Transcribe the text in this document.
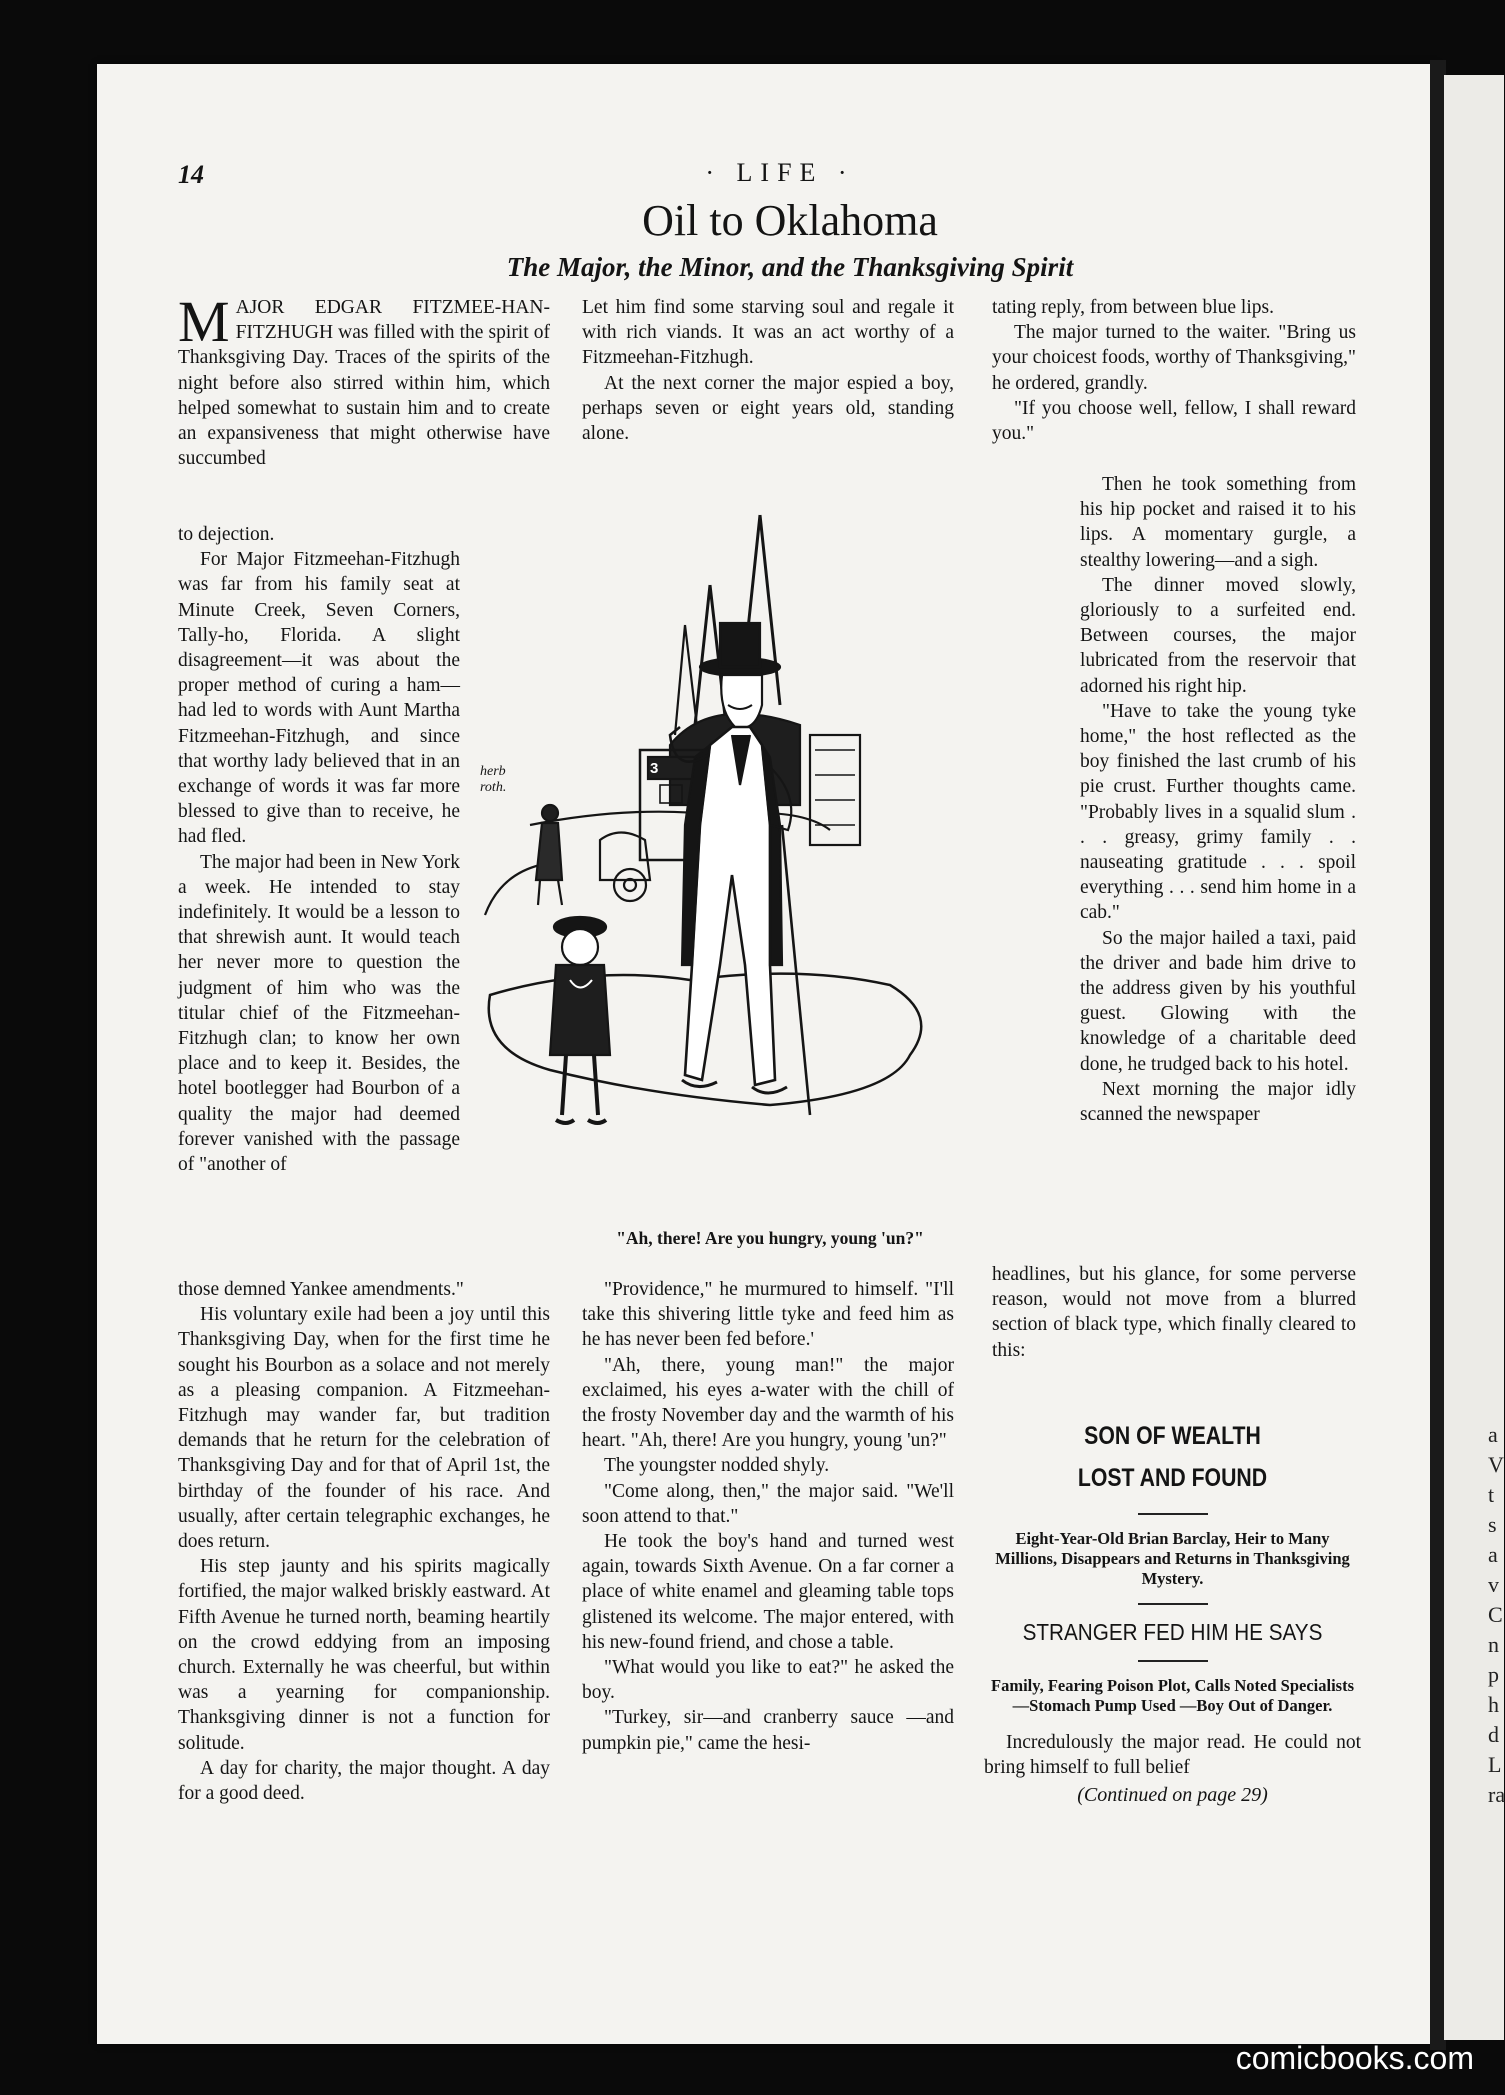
a
V
t
s
a
v
C
n
p
h
d
L
ra
14	· LIFE ·
Oil to Oklahoma
The Major, the Minor, and the Thanksgiving Spirit

MAJOR EDGAR FITZMEE-HAN-FITZHUGH was filled with the spirit of Thanksgiving Day. Traces of the spirits of the night before also stirred within him, which helped somewhat to sustain him and to create an expansiveness that might otherwise have succumbed

to dejection.

For Major Fitzmeehan-Fitzhugh was far from his family seat at Minute Creek, Seven Corners, Tally-ho, Florida. A slight disagreement—it was about the proper method of curing a ham—had led to words with Aunt Martha Fitzmeehan-Fitzhugh, and since that worthy lady believed that in an exchange of words it was far more blessed to give than to receive, he had fled.

The major had been in New York a week. He intended to stay indefinitely. It would be a lesson to that shrewish aunt. It would teach her never more to question the judgment of him who was the titular chief of the Fitzmeehan-Fitzhugh clan; to know her own place and to keep it. Besides, the hotel bootlegger had Bourbon of a quality the major had deemed forever vanished with the passage of "another of

those demned Yankee amendments."

His voluntary exile had been a joy until this Thanksgiving Day, when for the first time he sought his Bourbon as a solace and not merely as a pleasing companion. A Fitzmeehan-Fitzhugh may wander far, but tradition demands that he return for the celebration of Thanksgiving Day and for that of April 1st, the birthday of the founder of his race. And usually, after certain telegraphic exchanges, he does return.

His step jaunty and his spirits magically fortified, the major walked briskly eastward. At Fifth Avenue he turned north, beaming heartily on the crowd eddying from an imposing church. Externally he was cheerful, but within was a yearning for companionship. Thanksgiving dinner is not a function for solitude.

A day for charity, the major thought. A day for a good deed.

Let him find some starving soul and regale it with rich viands. It was an act worthy of a Fitzmeehan-Fitzhugh.

At the next corner the major espied a boy, perhaps seven or eight years old, standing alone.

"Providence," he murmured to himself. "I'll take this shivering little tyke and feed him as he has never been fed before.'

"Ah, there, young man!" the major exclaimed, his eyes a-water with the chill of the frosty November day and the warmth of his heart. "Ah, there! Are you hungry, young 'un?"

The youngster nodded shyly.

"Come along, then," the major said. "We'll soon attend to that."

He took the boy's hand and turned west again, towards Sixth Avenue. On a far corner a place of white enamel and gleaming table tops glistened its welcome. The major entered, with his new-found friend, and chose a table.

"What would you like to eat?" he asked the boy.

"Turkey, sir—and cranberry sauce —and pumpkin pie," came the hesi-

tating reply, from between blue lips.

The major turned to the waiter. "Bring us your choicest foods, worthy of Thanksgiving," he ordered, grandly.

"If you choose well, fellow, I shall reward you."

Then he took something from his hip pocket and raised it to his lips. A momentary gurgle, a stealthy lowering—and a sigh.

The dinner moved slowly, gloriously to a surfeited end. Between courses, the major lubricated from the reservoir that adorned his right hip.

"Have to take the young tyke home," the host reflected as the boy finished the last crumb of his pie crust. Further thoughts came. "Probably lives in a squalid slum . . . greasy, grimy family . . nauseating gratitude . . . spoil everything . . . send him home in a cab."

So the major hailed a taxi, paid the driver and bade him drive to the address given by his youthful guest. Glowing with the knowledge of a charitable deed done, he trudged back to his hotel.

Next morning the major idly scanned the newspaper

headlines, but his glance, for some perverse reason, would not move from a blurred section of black type, which finally cleared to this:

herb
roth.
3
"Ah, there! Are you hungry, young 'un?"
SON OF WEALTH
LOST AND FOUND
Eight-Year-Old Brian Barclay, Heir to Many Millions, Disappears and Returns in Thanksgiving Mystery.
STRANGER FED HIM HE SAYS
Family, Fearing Poison Plot, Calls Noted Specialists—Stomach Pump Used —Boy Out of Danger.
Incredulously the major read. He could not bring himself to full belief
(Continued on page 29)
comicbooks.com
